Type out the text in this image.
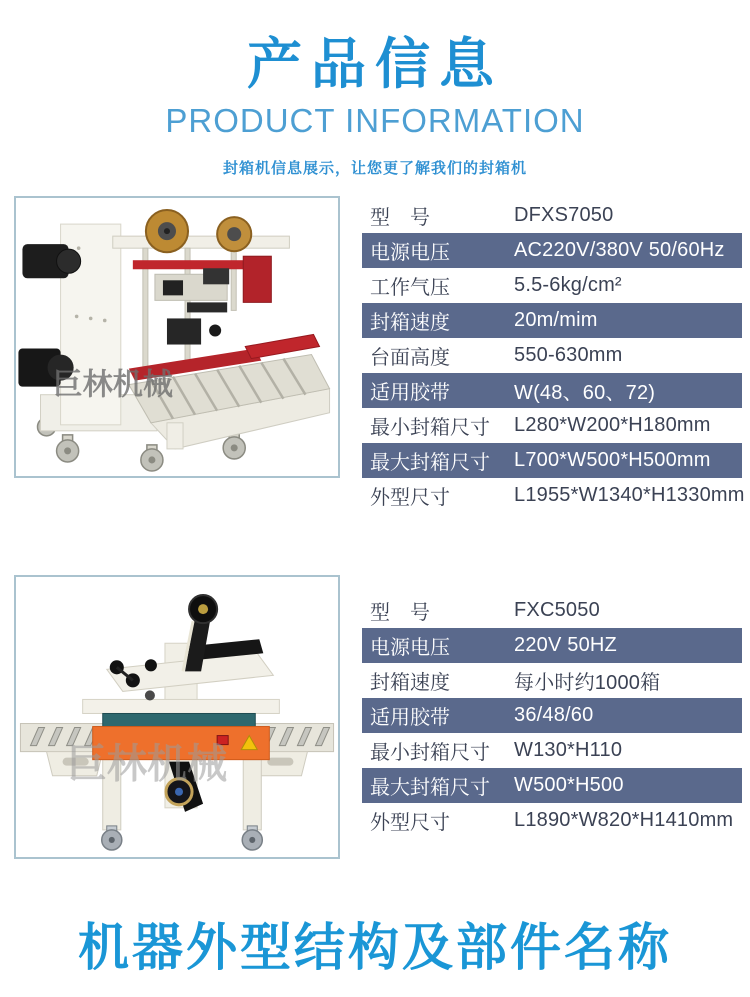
产品信息
PRODUCT INFORMATION
封箱机信息展示，让您更了解我们的封箱机
巨林机械
型　号	DFXS7050
电源电压	AC220V/380V 50/60Hz
工作气压	5.5-6kg/cm²
封箱速度	20m/mim
台面高度	550-630mm
适用胶带	W(48、60、72)
最小封箱尺寸	L280*W200*H180mm
最大封箱尺寸	L700*W500*H500mm
外型尺寸	L1955*W1340*H1330mm
巨林机械
型　号	FXC5050
电源电压	220V 50HZ
封箱速度	每小时约1000箱
适用胶带	36/48/60
最小封箱尺寸	W130*H110
最大封箱尺寸	W500*H500
外型尺寸	L1890*W820*H1410mm
机器外型结构及部件名称
